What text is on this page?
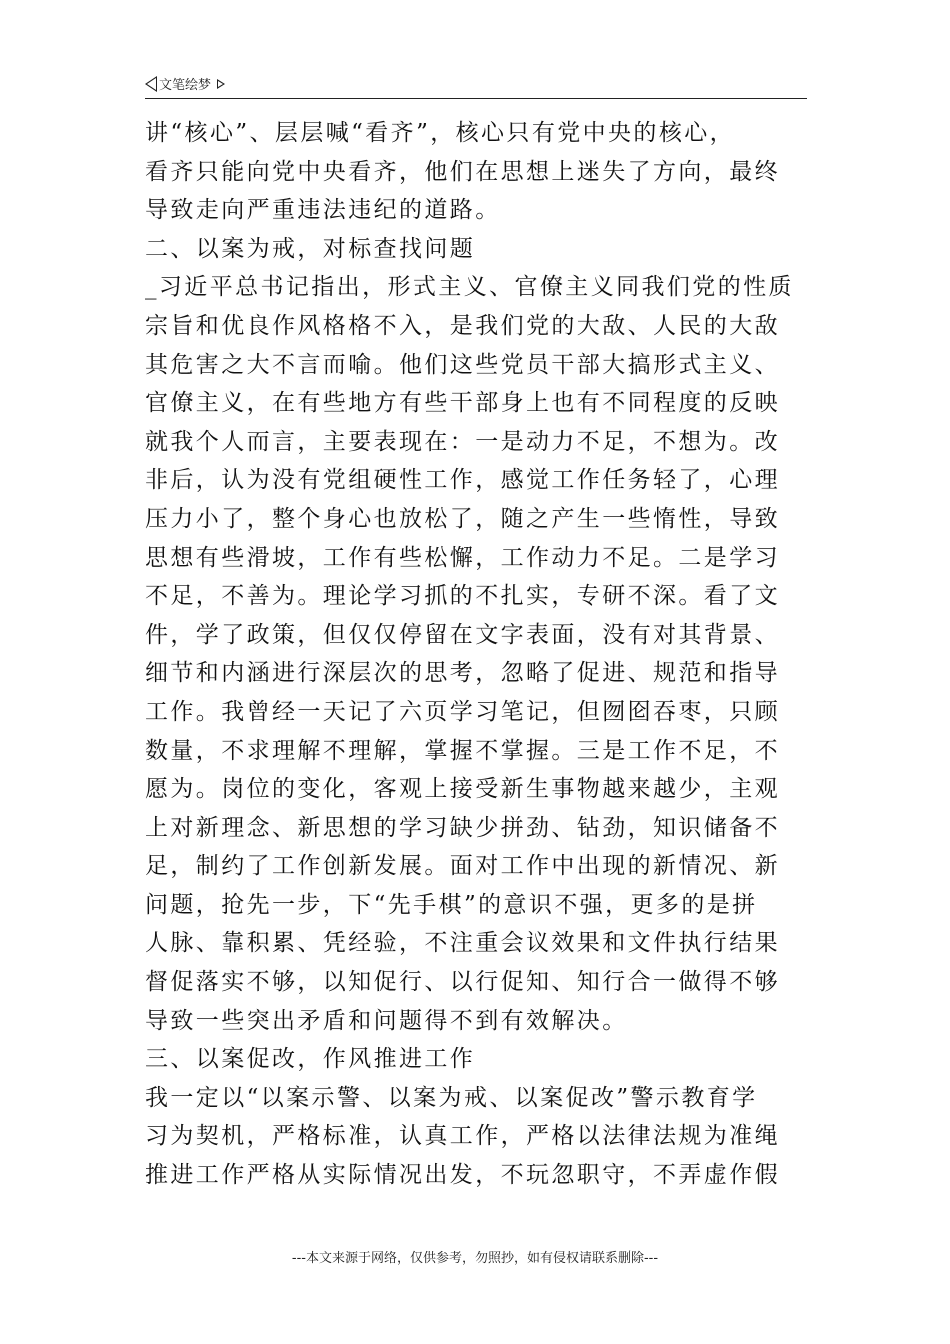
文笔绘梦
讲“核心”、层层喊“看齐”，核心只有党中央的核心，
看齐只能向党中央看齐，他们在思想上迷失了方向，最终
导致走向严重违法违纪的道路。
二、以案为戒，对标查找问题
_习近平总书记指出，形式主义、官僚主义同我们党的性质
宗旨和优良作风格格不入，是我们党的大敌、人民的大敌
其危害之大不言而喻。他们这些党员干部大搞形式主义、
官僚主义，在有些地方有些干部身上也有不同程度的反映
就我个人而言，主要表现在：一是动力不足，不想为。改
非后，认为没有党组硬性工作，感觉工作任务轻了，心理
压力小了，整个身心也放松了，随之产生一些惰性，导致
思想有些滑坡，工作有些松懈，工作动力不足。二是学习
不足，不善为。理论学习抓的不扎实，专研不深。看了文
件，学了政策，但仅仅停留在文字表面，没有对其背景、
细节和内涵进行深层次的思考，忽略了促进、规范和指导
工作。我曾经一天记了六页学习笔记，但囫囵吞枣，只顾
数量，不求理解不理解，掌握不掌握。三是工作不足，不
愿为。岗位的变化，客观上接受新生事物越来越少，主观
上对新理念、新思想的学习缺少拼劲、钻劲，知识储备不
足，制约了工作创新发展。面对工作中出现的新情况、新
问题，抢先一步，下“先手棋”的意识不强，更多的是拼
人脉、靠积累、凭经验，不注重会议效果和文件执行结果
督促落实不够，以知促行、以行促知、知行合一做得不够
导致一些突出矛盾和问题得不到有效解决。
三、以案促改，作风推进工作
我一定以“以案示警、以案为戒、以案促改”警示教育学
习为契机，严格标准，认真工作，严格以法律法规为准绳
推进工作严格从实际情况出发，不玩忽职守，不弄虚作假
---本文来源于网络，仅供参考，勿照抄，如有侵权请联系删除---
